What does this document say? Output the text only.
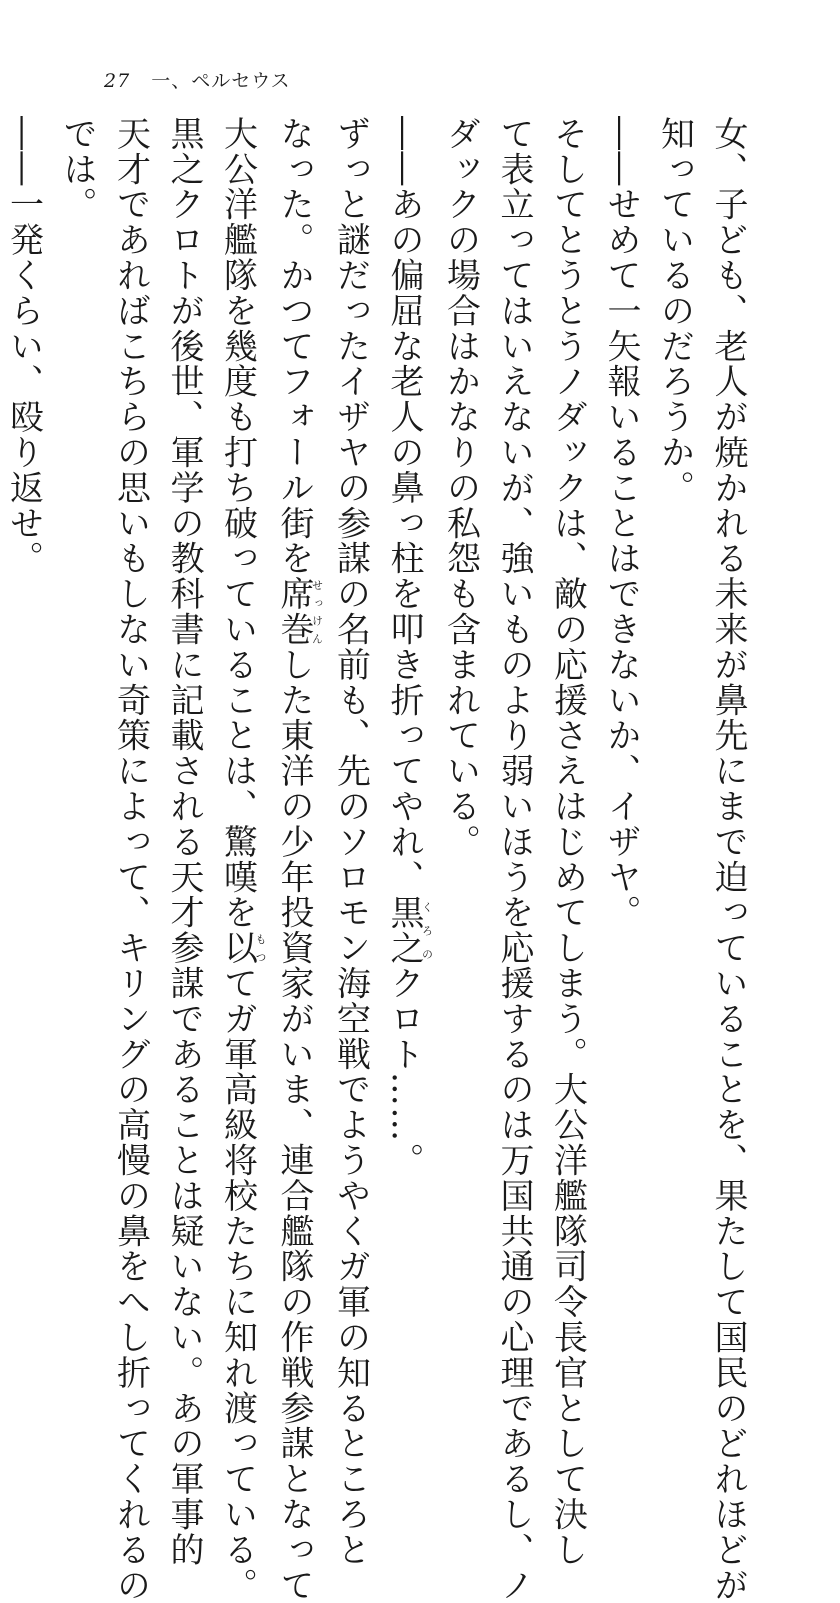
27 一、ペルセウス

女、子ども、老人が焼かれる未来が鼻先にまで迫っていることを、果たして国民のどれほどが

知っているのだろうか。

――せめて一矢報いることはできないか、イザヤ。

そしてとうとうノダックは、敵の応援さえはじめてしまう。大公洋艦隊司令長官として決し

て表立ってはいえないが、強いものより弱いほうを応援するのは万国共通の心理であるし、ノ

ダックの場合はかなりの私怨も含まれている。

――あの偏屈な老人の鼻っ柱を叩き折ってやれ、黒之くろのクロト……。

ずっと謎だったイザヤの参謀の名前も、先のソロモン海空戦でようやくガ軍の知るところと

なった。かつてフォール街を席巻せっけんした東洋の少年投資家がいま、連合艦隊の作戦参謀となって

大公洋艦隊を幾度も打ち破っていることは、驚嘆を以もつてガ軍高級将校たちに知れ渡っている。

黒之クロトが後世、軍学の教科書に記載される天才参謀であることは疑いない。あの軍事的

天才であればこちらの思いもしない奇策によって、キリングの高慢の鼻をへし折ってくれるの

では。

――一発くらい、殴り返せ。
